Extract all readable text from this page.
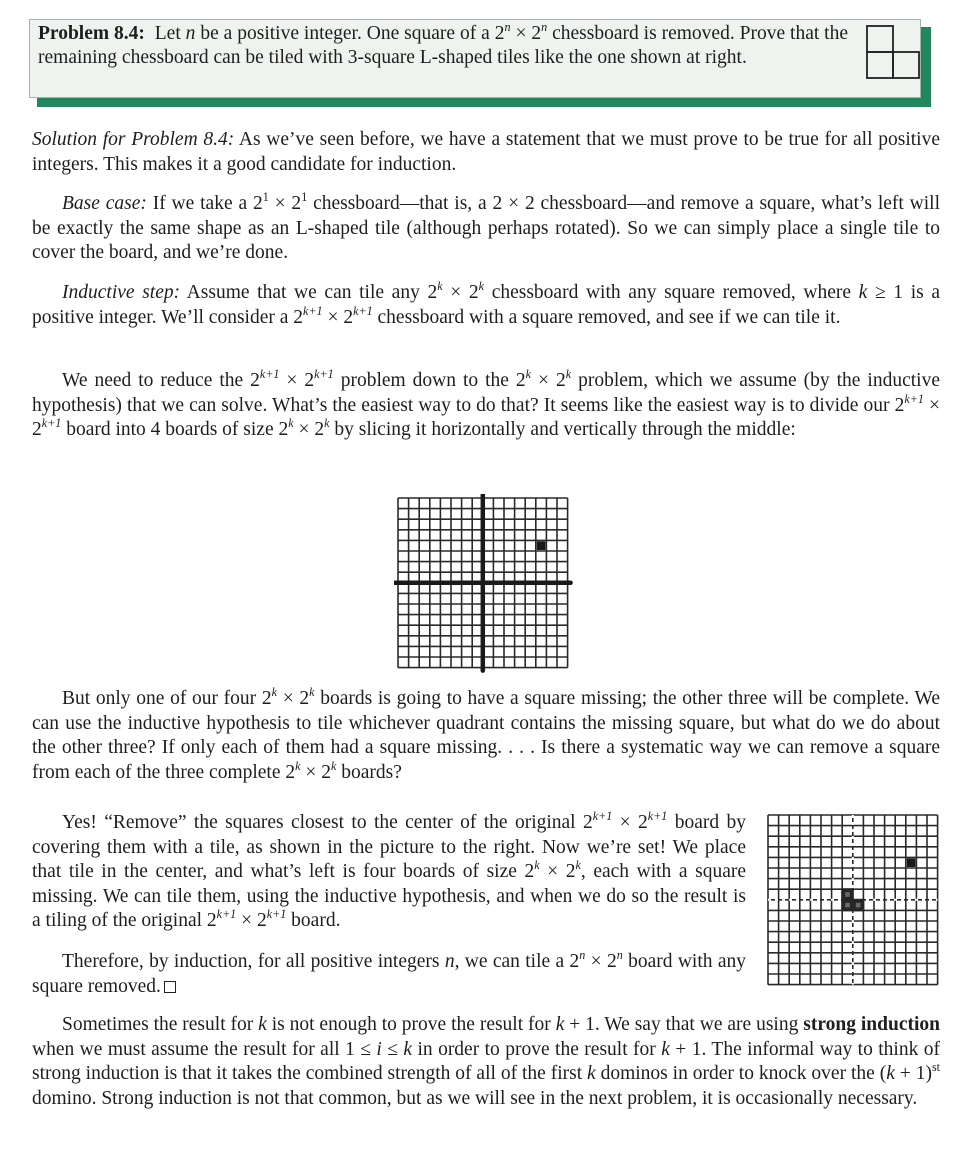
Problem 8.4: Let n be a positive integer. One square of a $2^n \times 2^n$ chessboard is removed. Prove that the remaining chessboard can be tiled with 3-square L-shaped tiles like the one shown at right.

Solution for Problem 8.4: As we’ve seen before, we have a statement that we must prove to be true for all positive integers. This makes it a good candidate for induction.

Base case: If we take a $2^1 \times 2^1$ chessboard—that is, a 2 × 2 chessboard—and remove a square, what’s left will be exactly the same shape as an L-shaped tile (although perhaps rotated). So we can simply place a single tile to cover the board, and we’re done.

Inductive step: Assume that we can tile any $2^k \times 2^k$ chessboard with any square removed, where k ≥ 1 is a positive integer. We’ll consider a $2^{k+1} \times 2^{k+1}$ chessboard with a square removed, and see if we can tile it.

We need to reduce the $2^{k+1} \times 2^{k+1}$ problem down to the $2^k \times 2^k$ problem, which we assume (by the inductive hypothesis) that we can solve. What’s the easiest way to do that? It seems like the easiest way is to divide our $2^{k+1} \times 2^{k+1}$ board into 4 boards of size $2^k \times 2^k$ by slicing it horizontally and vertically through the middle:

But only one of our four $2^k \times 2^k$ boards is going to have a square missing; the other three will be complete. We can use the inductive hypothesis to tile whichever quadrant contains the missing square, but what do we do about the other three? If only each of them had a square missing. . . . Is there a systematic way we can remove a square from each of the three complete $2^k \times 2^k$ boards?

Yes! “Remove” the squares closest to the center of the original $2^{k+1} \times 2^{k+1}$ board by covering them with a tile, as shown in the picture to the right. Now we’re set! We place that tile in the center, and what’s left is four boards of size $2^k \times 2^k$, each with a square missing. We can tile them, using the inductive hypothesis, and when we do so the result is a tiling of the original $2^{k+1} \times 2^{k+1}$ board.

Therefore, by induction, for all positive integers n, we can tile a $2^n \times 2^n$ board with any square removed.

Sometimes the result for k is not enough to prove the result for k + 1. We say that we are using strong induction when we must assume the result for all 1 ≤ i ≤ k in order to prove the result for k + 1. The informal way to think of strong induction is that it takes the combined strength of all of the first k dominos in order to knock over the $(k + 1)^{st}$ domino. Strong induction is not that common, but as we will see in the next problem, it is occasionally necessary.
